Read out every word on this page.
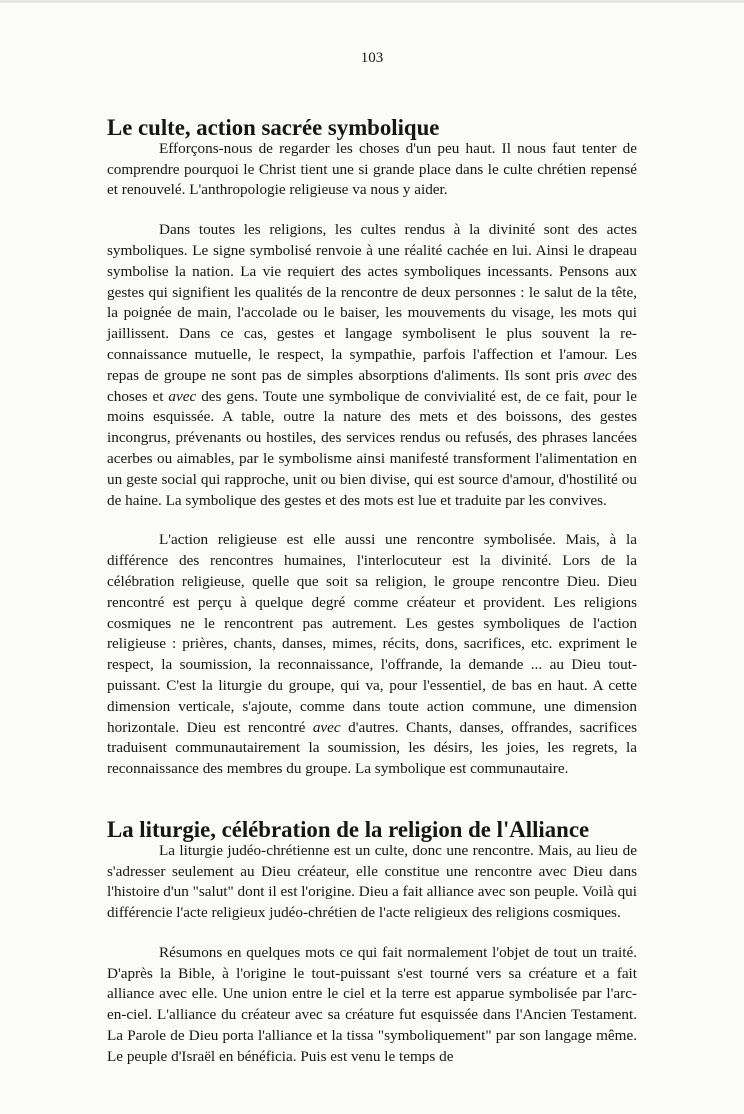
103
Le culte, action sacrée symbolique

Efforçons-nous de regarder les choses d'un peu haut. Il nous faut tenter de comprendre pourquoi le Christ tient une si grande place dans le culte chrétien repensé et renouvelé. L'anthropologie religieuse va nous y aider.

Dans toutes les religions, les cultes rendus à la divinité sont des actes symboliques. Le signe symbolisé renvoie à une réalité cachée en lui. Ainsi le drapeau symbolise la nation. La vie requiert des actes symboliques incessants. Pensons aux gestes qui signifient les qualités de la rencontre de deux personnes : le salut de la tête, la poignée de main, l'accolade ou le baiser, les mouvements du visage, les mots qui jaillissent. Dans ce cas, gestes et langage symbolisent le plus souvent la re-connaissance mutuelle, le respect, la sympathie, parfois l'affection et l'amour. Les repas de groupe ne sont pas de simples absorptions d'aliments. Ils sont pris avec des choses et avec des gens. Toute une symbolique de convivialité est, de ce fait, pour le moins esquissée. A table, outre la nature des mets et des boissons, des gestes incongrus, prévenants ou hostiles, des services rendus ou refusés, des phrases lancées acerbes ou aimables, par le symbolisme ainsi manifesté transforment l'alimentation en un geste social qui rapproche, unit ou bien divise, qui est source d'amour, d'hostilité ou de haine. La symbolique des gestes et des mots est lue et traduite par les convives.

L'action religieuse est elle aussi une rencontre symbolisée. Mais, à la différence des rencontres humaines, l'interlocuteur est la divinité. Lors de la célébration religieuse, quelle que soit sa religion, le groupe rencontre Dieu. Dieu rencontré est perçu à quelque degré comme créateur et provident. Les religions cosmiques ne le rencontrent pas autrement. Les gestes symboliques de l'action religieuse : prières, chants, danses, mimes, récits, dons, sacrifices, etc. expriment le respect, la soumission, la reconnaissance, l'offrande, la demande ... au Dieu tout-puissant. C'est la liturgie du groupe, qui va, pour l'essentiel, de bas en haut. A cette dimension verticale, s'ajoute, comme dans toute action commune, une dimension horizontale. Dieu est rencontré avec d'autres. Chants, danses, offrandes, sacrifices traduisent communautairement la soumission, les désirs, les joies, les regrets, la reconnaissance des membres du groupe. La symbolique est communautaire.

La liturgie, célébration de la religion de l'Alliance

La liturgie judéo-chrétienne est un culte, donc une rencontre. Mais, au lieu de s'adresser seulement au Dieu créateur, elle constitue une rencontre avec Dieu dans l'histoire d'un "salut" dont il est l'origine. Dieu a fait alliance avec son peuple. Voilà qui différencie l'acte religieux judéo-chrétien de l'acte religieux des religions cosmiques.

Résumons en quelques mots ce qui fait normalement l'objet de tout un traité. D'après la Bible, à l'origine le tout-puissant s'est tourné vers sa créature et a fait alliance avec elle. Une union entre le ciel et la terre est apparue symbolisée par l'arc-en-ciel. L'alliance du créateur avec sa créature fut esquissée dans l'Ancien Testament. La Parole de Dieu porta l'alliance et la tissa "symboliquement" par son langage même. Le peuple d'Israël en bénéficia. Puis est venu le temps de
